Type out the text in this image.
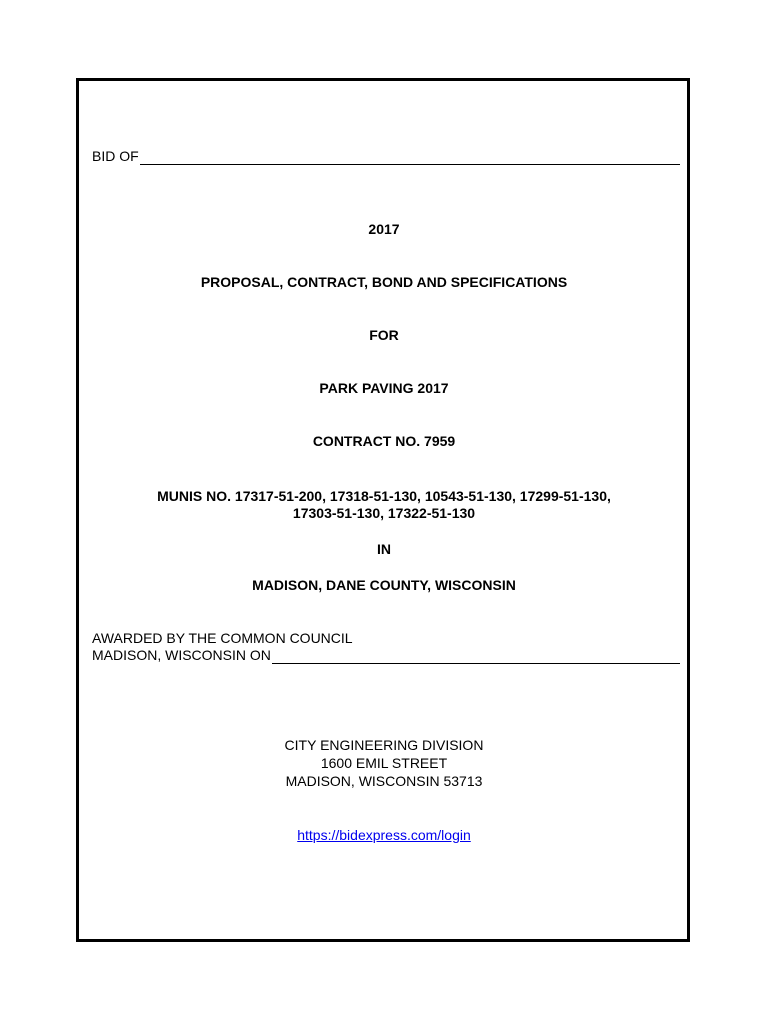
BID OF
2017
PROPOSAL, CONTRACT, BOND AND SPECIFICATIONS
FOR
PARK PAVING 2017
CONTRACT NO. 7959
MUNIS NO. 17317-51-200, 17318-51-130, 10543-51-130, 17299-51-130,
17303-51-130, 17322-51-130
IN
MADISON, DANE COUNTY, WISCONSIN
AWARDED BY THE COMMON COUNCIL
MADISON, WISCONSIN ON
CITY ENGINEERING DIVISION
1600 EMIL STREET
MADISON, WISCONSIN 53713
https://bidexpress.com/login
